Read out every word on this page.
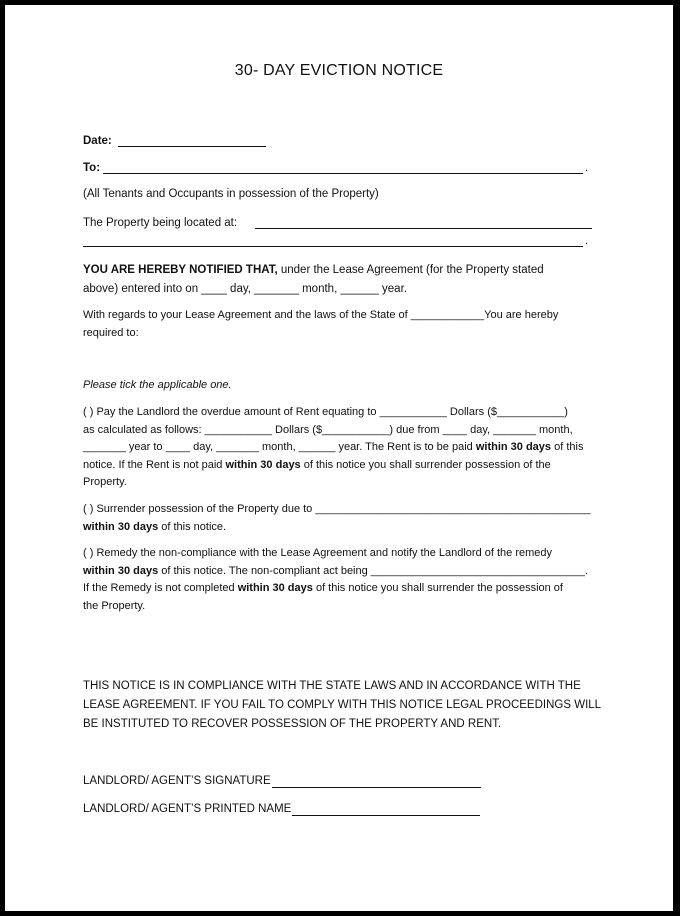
30- DAY EVICTION NOTICE
Date:
To:	.
(All Tenants and Occupants in possession of the Property)
The Property being located at:
.
YOU ARE HEREBY NOTIFIED THAT, under the Lease Agreement (for the Property stated
above) entered into on ____ day, _______ month, ______ year.
With regards to your Lease Agreement and the laws of the State of ____________You are hereby
required to:
Please tick the applicable one.
( ) Pay the Landlord the overdue amount of Rent equating to ___________ Dollars ($___________)
as calculated as follows: ___________ Dollars ($___________) due from ____ day, _______ month,
_______ year to ____ day, _______ month, ______ year. The Rent is to be paid within 30 days of this
notice. If the Rent is not paid within 30 days of this notice you shall surrender possession of the
Property.
( ) Surrender possession of the Property due to _____________________________________________
within 30 days of this notice.
( ) Remedy the non-compliance with the Lease Agreement and notify the Landlord of the remedy
within 30 days of this notice. The non-compliant act being ___________________________________.
If the Remedy is not completed within 30 days of this notice you shall surrender the possession of
the Property.
THIS NOTICE IS IN COMPLIANCE WITH THE STATE LAWS AND IN ACCORDANCE WITH THE
LEASE AGREEMENT. IF YOU FAIL TO COMPLY WITH THIS NOTICE LEGAL PROCEEDINGS WILL
BE INSTITUTED TO RECOVER POSSESSION OF THE PROPERTY AND RENT.
LANDLORD/ AGENT’S SIGNATURE
LANDLORD/ AGENT’S PRINTED NAME
